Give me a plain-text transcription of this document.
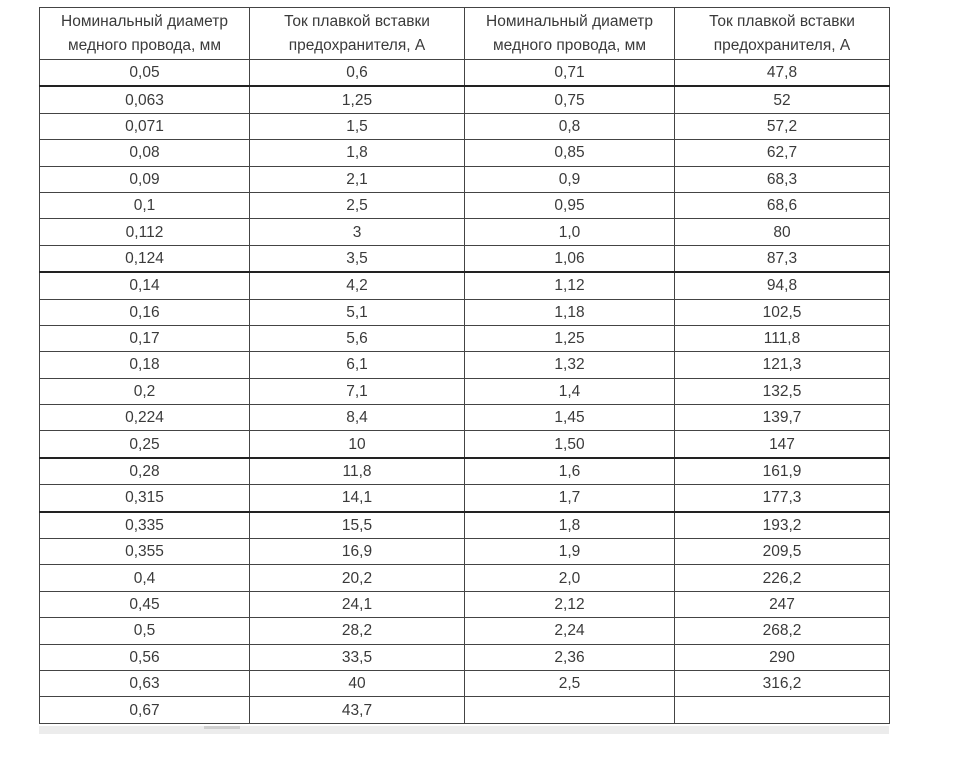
Номинальный диаметр медного провода, мм	Ток плавкой вставки предохранителя, А	Номинальный диаметр медного провода, мм	Ток плавкой вставки предохранителя, А
0,05	0,6	0,71	47,8
0,063	1,25	0,75	52
0,071	1,5	0,8	57,2
0,08	1,8	0,85	62,7
0,09	2,1	0,9	68,3
0,1	2,5	0,95	68,6
0,112	3	1,0	80
0,124	3,5	1,06	87,3
0,14	4,2	1,12	94,8
0,16	5,1	1,18	102,5
0,17	5,6	1,25	111,8
0,18	6,1	1,32	121,3
0,2	7,1	1,4	132,5
0,224	8,4	1,45	139,7
0,25	10	1,50	147
0,28	11,8	1,6	161,9
0,315	14,1	1,7	177,3
0,335	15,5	1,8	193,2
0,355	16,9	1,9	209,5
0,4	20,2	2,0	226,2
0,45	24,1	2,12	247
0,5	28,2	2,24	268,2
0,56	33,5	2,36	290
0,63	40	2,5	316,2
0,67	43,7		
